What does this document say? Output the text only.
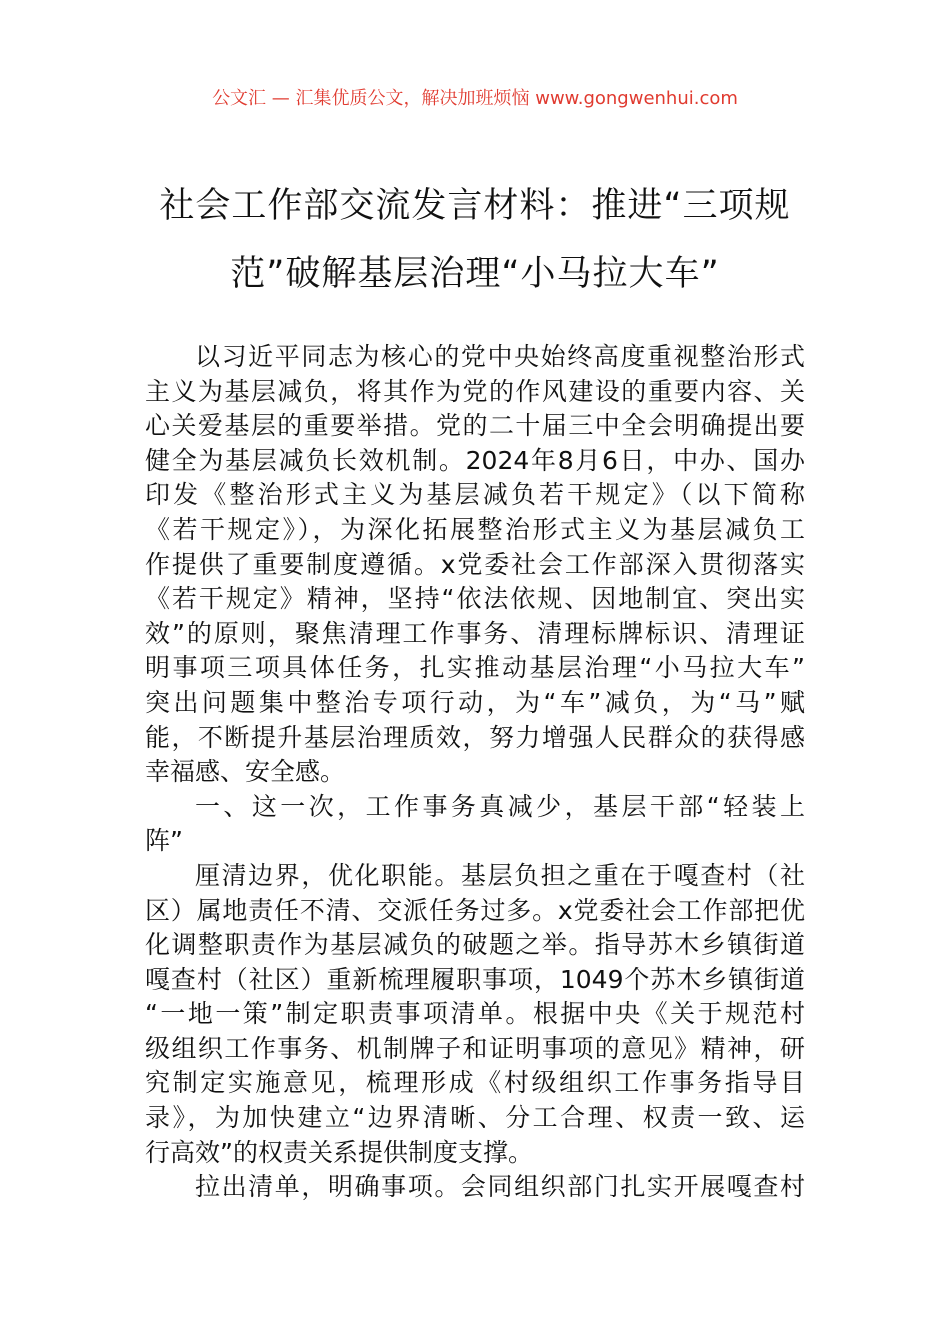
公文汇 — 汇集优质公文，解决加班烦恼 www.gongwenhui.com
社会工作部交流发言材料：推进“三项规
范”破解基层治理“小马拉大车”
以习近平同志为核心的党中央始终高度重视整治形式
主义为基层减负，将其作为党的作风建设的重要内容、关
心关爱基层的重要举措。党的二十届三中全会明确提出要
健全为基层减负长效机制。2024年8月6日，中办、国办
印发《整治形式主义为基层减负若干规定》（以下简称
《若干规定》），为深化拓展整治形式主义为基层减负工
作提供了重要制度遵循。x党委社会工作部深入贯彻落实
《若干规定》精神，坚持“依法依规、因地制宜、突出实
效”的原则，聚焦清理工作事务、清理标牌标识、清理证
明事项三项具体任务，扎实推动基层治理“小马拉大车”
突出问题集中整治专项行动，为“车”减负，为“马”赋
能，不断提升基层治理质效，努力增强人民群众的获得感
幸福感、安全感。
一、这一次，工作事务真减少，基层干部“轻装上
阵”
厘清边界，优化职能。基层负担之重在于嘎查村（社
区）属地责任不清、交派任务过多。x党委社会工作部把优
化调整职责作为基层减负的破题之举。指导苏木乡镇街道
嘎查村（社区）重新梳理履职事项，1049个苏木乡镇街道
“一地一策”制定职责事项清单。根据中央《关于规范村
级组织工作事务、机制牌子和证明事项的意见》精神，研
究制定实施意见，梳理形成《村级组织工作事务指导目
录》，为加快建立“边界清晰、分工合理、权责一致、运
行高效”的权责关系提供制度支撑。
拉出清单，明确事项。会同组织部门扎实开展嘎查村
